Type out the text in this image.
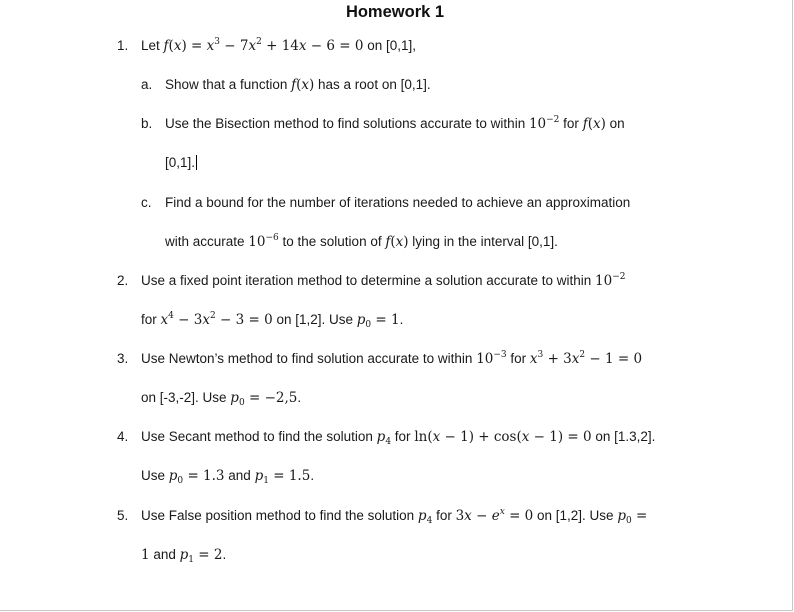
Homework 1
1. Let $f(x) = x^3 - 7x^2 + 14x - 6 = 0$ on [0,1],
a. Show that a function f(x) has a root on [0,1].
b. Use the Bisection method to find solutions accurate to within $10^{-2}$ for f(x) on
[0,1].
c. Find a bound for the number of iterations needed to achieve an approximation
with accurate $10^{-6}$ to the solution of f(x) lying in the interval [0,1].
2. Use a fixed point iteration method to determine a solution accurate to within $10^{-2}$
for $x^4 - 3x^2 - 3 = 0$ on [1,2]. Use $p_0 = 1$.
3. Use Newton’s method to find solution accurate to within $10^{-3}$ for $x^3 + 3x^2 - 1 = 0$
on [-3,-2]. Use $p_0 = -2,5$.
4. Use Secant method to find the solution $p_4$ for ln(x − 1) + cos(x − 1) = 0 on [1.3,2].
Use $p_0 = 1.3$ and $p_1 = 1.5$.
5. Use False position method to find the solution $p_4$ for $3x - e^x = 0$ on [1,2]. Use $p_0$ =
1 and $p_1 = 2$.
